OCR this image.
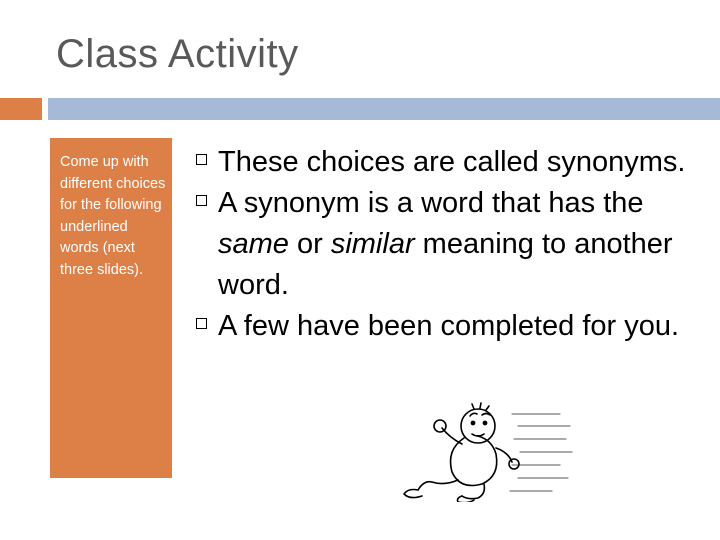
Class Activity
Come up with different choices for the following underlined words (next three slides).
These choices are called synonyms.
A synonym is a word that has the same or similar meaning to another word.
A few have been completed for you.
